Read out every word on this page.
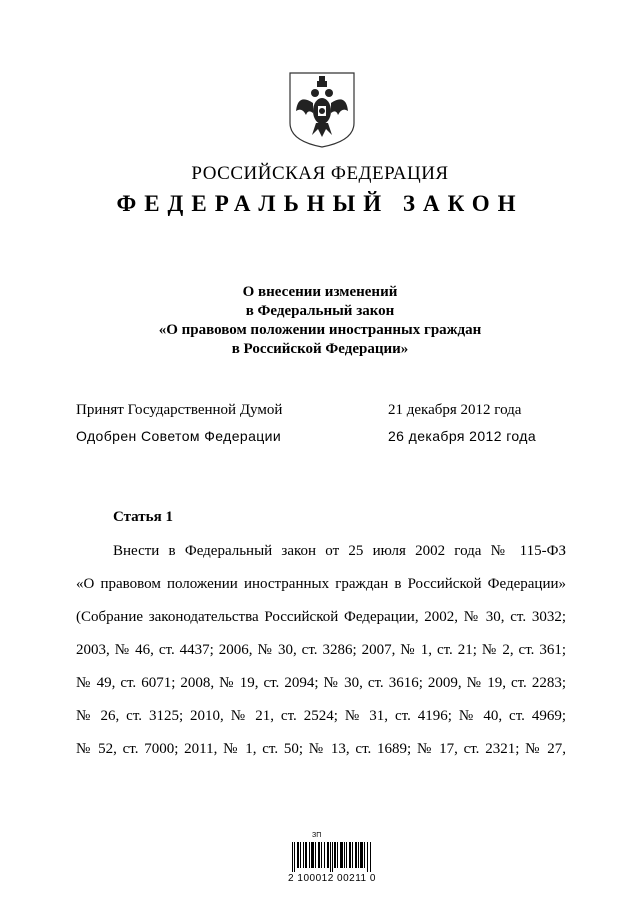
РОССИЙСКАЯ ФЕДЕРАЦИЯ
ФЕДЕРАЛЬНЫЙ ЗАКОН
О внесении изменений
в Федеральный закон
«О правовом положении иностранных граждан
в Российской Федерации»
Принят Государственной Думой	21 декабря 2012 года
Одобрен Советом Федерации	26 декабря 2012 года
Статья 1
Внести в Федеральный закон от 25 июля 2002 года № 115-ФЗ
«О правовом положении иностранных граждан в Российской Федерации»
(Собрание законодательства Российской Федерации, 2002, № 30, ст. 3032;
2003, № 46, ст. 4437; 2006, № 30, ст. 3286; 2007, № 1, ст. 21; № 2, ст. 361;
№ 49, ст. 6071; 2008, № 19, ст. 2094; № 30, ст. 3616; 2009, № 19, ст. 2283;
№ 26, ст. 3125; 2010, № 21, ст. 2524; № 31, ст. 4196; № 40, ст. 4969;
№ 52, ст. 7000; 2011, № 1, ст. 50; № 13, ст. 1689; № 17, ст. 2321; № 27,
ЗП
2 100012 00211 0
